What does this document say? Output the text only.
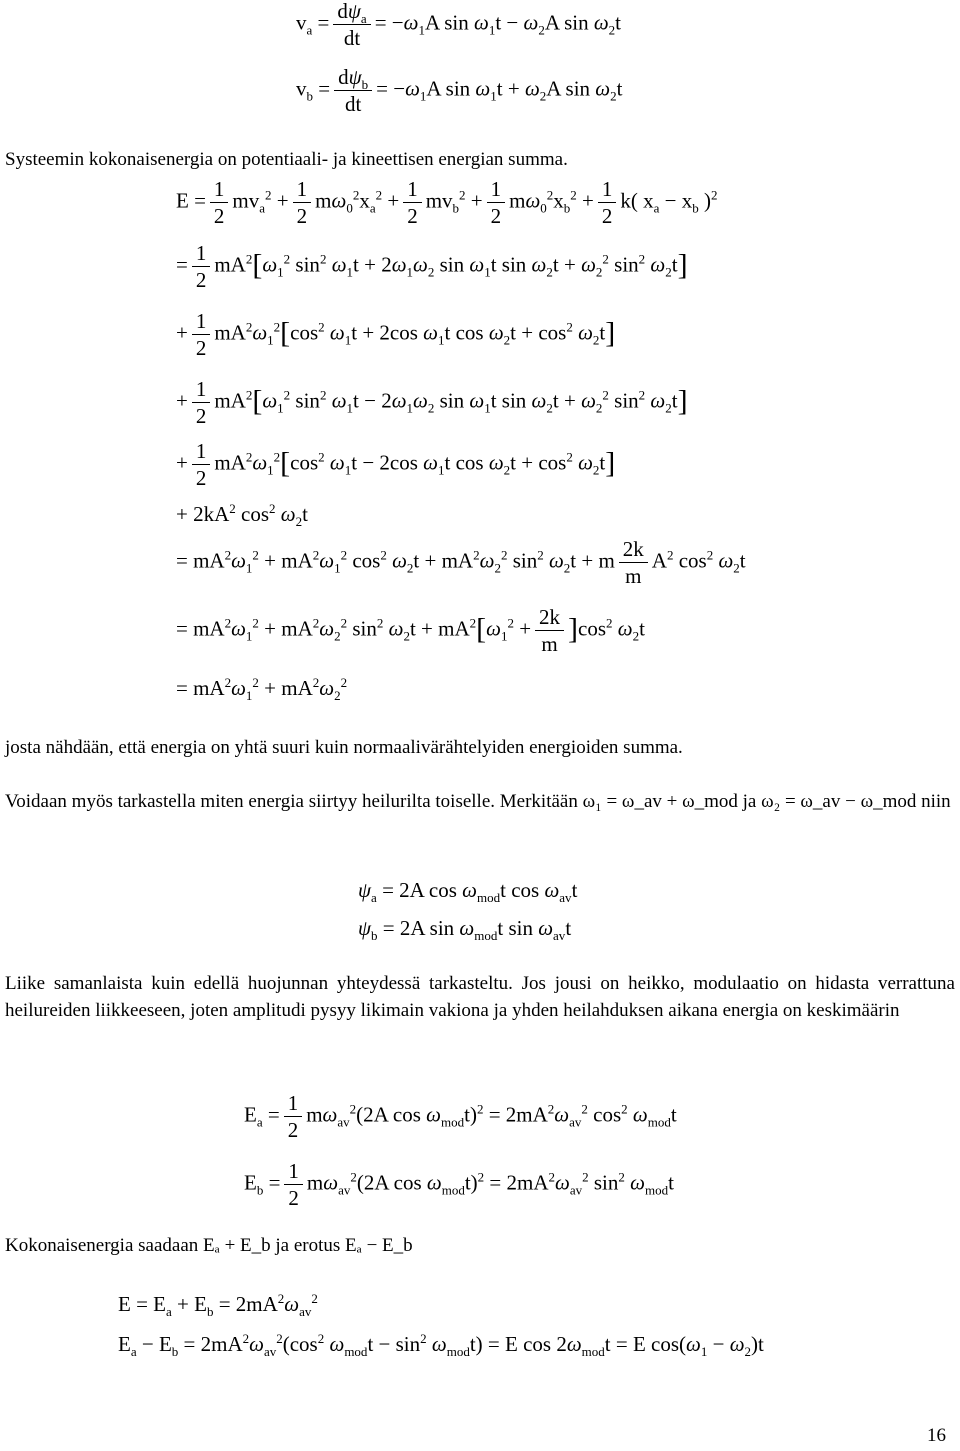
$v_a = \frac{d\psi_a}{dt} = -\omega_1A$ $\sin \omega_1t - \omega_2A$ $\sin \omega_2t$
$v_b = \frac{d\psi_b}{dt} = -\omega_1A$ $\sin \omega_1t + \omega_2A$ $\sin \omega_2t$

Systeemin kokonaisenergia on potentiaali- ja kineettisen energian summa.

$E = \frac{1}{2} mv_a^2 + \frac{1}{2} m\omega_0^2x_a^2 + \frac{1}{2} mv_b^2 + \frac{1}{2} m\omega_0^2x_b^2 + \frac{1}{2} k$( $x_a - x_b$ )$^2$
= $\frac{1}{2} mA^2[\omega_1^2$ $\sin^2 \omega_1t + 2\omega_1\omega_2$ $\sin \omega_1t$ $\sin \omega_2t + \omega_2^2$ $\sin^2 \omega_2t$]
+ $\frac{1}{2} mA^2\omega_1^2[\cos^2$ $\omega_1t + 2\cos$ $\omega_1t$ $\cos \omega_2t + \cos^2 \omega_2t$]
+ $\frac{1}{2} mA^2[\omega_1^2$ $\sin^2 \omega_1t - 2\omega_1\omega_2$ $\sin \omega_1t$ $\sin \omega_2t + \omega_2^2$ $\sin^2 \omega_2t$]
+ $\frac{1}{2} mA^2\omega_1^2[\cos^2$ $\omega_1t - 2\cos$ $\omega_1t$ $\cos \omega_2t + \cos^2 \omega_2t$]
+ $2kA^2$ $\cos^2 \omega_2t$
= $mA^2\omega_1^2 + mA^2\omega_1^2$ $\cos^2 \omega_2t + mA^2\omega_2^2$ $\sin^2 \omega_2t + m \frac{2k}{m} A^2$ $\cos^2 \omega_2t$
= $mA^2\omega_1^2 + mA^2\omega_2^2$ $\sin^2 \omega_2t + mA^2[\omega_1^2 + \frac{2k}{m} ]\cos^2$ $\omega_2t$
= $mA^2\omega_1^2 + mA^2\omega_2^2$

josta nähdään, että energia on yhtä suuri kuin normaalivärähtelyiden energioiden summa.

Voidaan myös tarkastella miten energia siirtyy heilurilta toiselle. Merkitään ω₁ = ω_av + ω_mod ja ω₂ = ω_av − ω_mod niin

$\psi_a = 2A$ $\cos \omega_{mod}t$ $\cos \omega_{av}t$
$\psi_b = 2A$ $\sin \omega_{mod}t$ $\sin \omega_{av}t$

Liike samanlaista kuin edellä huojunnan yhteydessä tarkasteltu. Jos jousi on heikko, modulaatio on hidasta verrattuna heilureiden liikkeeseen, joten amplitudi pysyy likimain vakiona ja yhden heilahduksen aikana energia on keskimäärin

$E_a = \frac{1}{2} m\omega_{av}^2(2A$ $\cos \omega_{mod}t)^2 = 2mA^2\omega_{av}^2$ $\cos^2 \omega_{mod}t$
$E_b = \frac{1}{2} m\omega_{av}^2(2A$ $\cos \omega_{mod}t)^2 = 2mA^2\omega_{av}^2$ $\sin^2 \omega_{mod}t$

Kokonaisenergia saadaan Eₐ + E_b ja erotus Eₐ − E_b

$E = E_a + E_b = 2mA^2\omega_{av}^2$
$E_a - E_b = 2mA^2\omega_{av}^2(\cos^2$ $\omega_{mod}t - \sin^2 \omega_{mod}t) = E$ $\cos 2\omega_{mod}t = E$ $\cos(\omega_1 - \omega_2)t$
16
